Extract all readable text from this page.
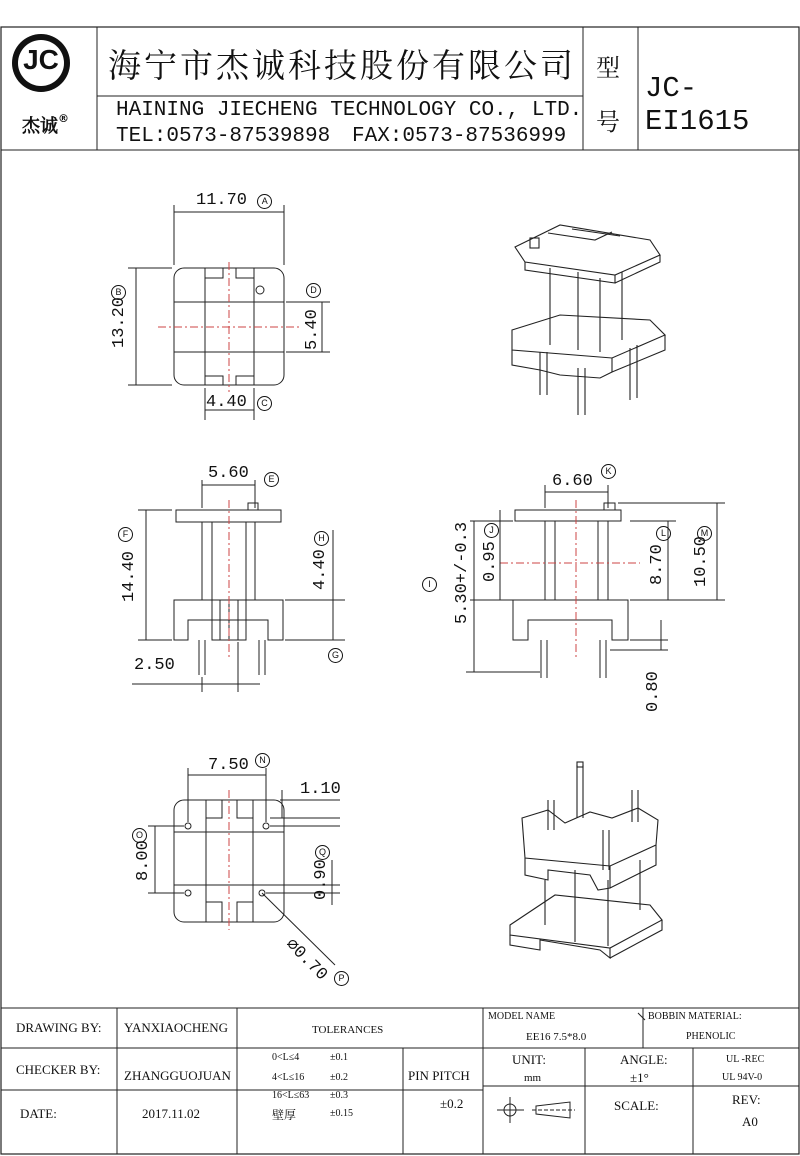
JC
杰诚®
海宁市杰诚科技股份有限公司
HAINING JIECHENG TECHNOLOGY CO., LTD.
TEL:0573-87539898 FAX:0573-87536999
型
号
JC-EI1615
11.70 A
13.20
B
5.40
D
4.40 C
5.60	E
14.40
F
4.40
H
G
2.50
6.60
K
5.30+/-0.3
I
0.95
J
8.70
L
10.50
M
0.80
7.50	N
1.10
8.00
O
0.90
Q
⌀0.70 P
DRAWING BY: YANXIAOCHENG
CHECKER BY: ZHANGGUOJUAN
DATE:	2017.11.02
TOLERANCES
0<L≤4	±0.1
4<L≤16	±0.2
16<L≤63 ±0.3
壁厚	±0.15
PIN PITCH
±0.2
MODEL NAME
EE16 7.5*8.0
BOBBIN MATERIAL:
PHENOLIC
UNIT:
mm
ANGLE:
±1°
UL -REC
UL 94V-0
SCALE:	REV:
A0
